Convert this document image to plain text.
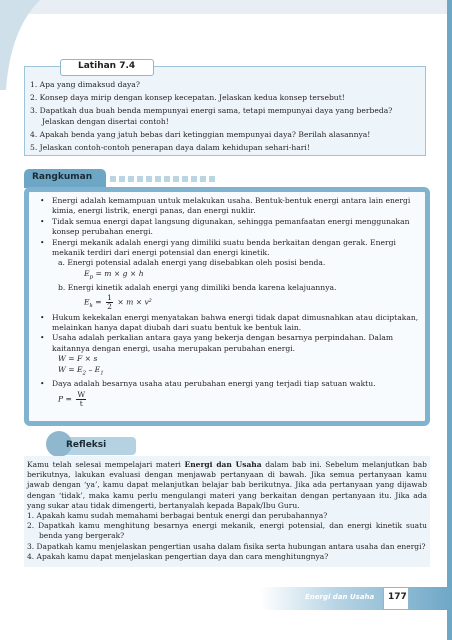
Latihan 7.4
1. Apa yang dimaksud daya?
2. Konsep daya mirip dengan konsep kecepatan. Jelaskan kedua konsep tersebut!
3. Dapatkah dua buah benda mempunyai energi sama, tetapi mempunyai daya yang berbeda? Jelaskan dengan disertai contoh!
4. Apakah benda yang jatuh bebas dari ketinggian mempunyai daya? Berilah alasannya!
5. Jelaskan contoh-contoh penerapan daya dalam kehidupan sehari-hari!
Rangkuman

• Energi adalah kemampuan untuk melakukan usaha. Bentuk-bentuk energi antara lain energi kimia, energi listrik, energi panas, dan energi nuklir.

• Tidak semua energi dapat langsung digunakan, sehingga pemanfaatan energi menggunakan konsep perubahan energi.

• Energi mekanik adalah energi yang dimiliki suatu benda berkaitan dengan gerak. Energi mekanik terdiri dari energi potensial dan energi kinetik.

a. Energi potensial adalah energi yang disebabkan oleh posisi benda.

$E_p = m \times g \times h$

b. Energi kinetik adalah energi yang dimiliki benda karena kelajuannya.

$E_k = \frac{1}{2} \times m \times v^2$

• Hukum kekekalan energi menyatakan bahwa energi tidak dapat dimusnahkan atau diciptakan, melainkan hanya dapat diubah dari suatu bentuk ke bentuk lain.

• Usaha adalah perkalian antara gaya yang bekerja dengan besarnya perpindahan. Dalam kaitannya dengan energi, usaha merupakan perubahan energi.

W = F × s

$W = E_2 - E_1$

• Daya adalah besarnya usaha atau perubahan energi yang terjadi tiap satuan waktu.

$P = \frac{W}{t}$

Refleksi

Kamu telah selesai mempelajari materi Energi dan Usaha dalam bab ini. Sebelum melanjutkan bab berikutnya, lakukan evaluasi dengan menjawab pertanyaan di bawah. Jika semua pertanyaan kamu jawab dengan ‘ya’, kamu dapat melanjutkan belajar bab berikutnya. Jika ada pertanyaan yang dijawab dengan ‘tidak’, maka kamu perlu mengulangi materi yang berkaitan dengan pertanyaan itu. Jika ada yang sukar atau tidak dimengerti, bertanyalah kepada Bapak/Ibu Guru.

1. Apakah kamu sudah memahami berbagai bentuk energi dan perubahannya?
2. Dapatkah kamu menghitung besarnya energi mekanik, energi potensial, dan energi kinetik suatu benda yang bergerak?
3. Dapatkah kamu menjelaskan pengertian usaha dalam fisika serta hubungan antara usaha dan energi?
4. Apakah kamu dapat menjelaskan pengertian daya dan cara menghitungnya?
Energi dan Usaha 177
